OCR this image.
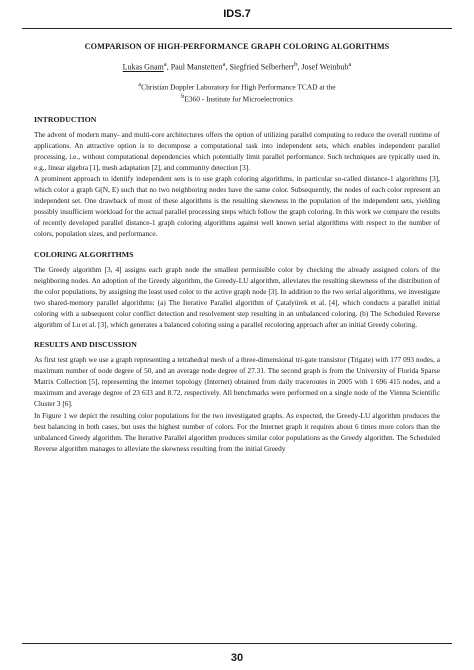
IDS.7
COMPARISON OF HIGH-PERFORMANCE GRAPH COLORING ALGORITHMS
Lukas Gnam$^a$, Paul Manstetten$^a$, Siegfried Selberherr$^b$, Josef Weinbub$^a$
$^a$Christian Doppler Laboratory for High Performance TCAD at the
$^b$E360 - Institute for Microelectronics
INTRODUCTION

The advent of modern many- and multi-core architectures offers the option of utilizing parallel computing to reduce the overall runtime of applications. An attractive option is to decompose a computational task into independent sets, which enables independent parallel processing, i.e., without computational dependencies which potentially limit parallel performance. Such techniques are typically used in, e.g., linear algebra [1], mesh adaptation [2], and community detection [3].

A prominent approach to identify independent sets is to use graph coloring algorithms, in particular so-called distance-1 algorithms [3], which color a graph G(N, E) such that no two neighboring nodes have the same color. Subsequently, the nodes of each color represent an independent set. One drawback of most of these algorithms is the resulting skewness in the population of the independent sets, yielding possibly insufficient workload for the actual parallel processing steps which follow the graph coloring. In this work we compare the results of recently developed parallel distance-1 graph coloring algorithms against well known serial algorithms with respect to the number of colors, population sizes, and performance.

COLORING ALGORITHMS

The Greedy algorithm [3, 4] assigns each graph node the smallest permissible color by checking the already assigned colors of the neighboring nodes. An adoption of the Greedy algorithm, the Greedy-LU algorithm, alleviates the resulting skewness of the distribution of the color populations, by assigning the least used color to the active graph node [3]. In addition to the two serial algorithms, we investigate two shared-memory parallel algorithms: (a) The Iterative Parallel algorithm of Çatalyürek et al. [4], which conducts a parallel initial coloring with a subsequent color conflict detection and resolvement step resulting in an unbalanced coloring. (b) The Scheduled Reverse algorithm of Lu et al. [3], which generates a balanced coloring using a parallel recoloring approach after an initial Greedy coloring.

RESULTS AND DISCUSSION

As first test graph we use a graph representing a tetrahedral mesh of a three-dimensional tri-gate transistor (Trigate) with 177 093 nodes, a maximum number of node degree of 50, and an average node degree of 27.31. The second graph is from the University of Florida Sparse Matrix Collection [5], representing the internet topology (Internet) obtained from daily traceroutes in 2005 with 1 696 415 nodes, and a maximum and average degree of 23 633 and 8.72, respectively. All benchmarks were performed on a single node of the Vienna Scientific Cluster 3 [6].

In Figure 1 we depict the resulting color populations for the two investigated graphs. As expected, the Greedy-LU algorithm produces the best balancing in both cases, but uses the highest number of colors. For the Internet graph it requires about 6 times more colors than the unbalanced Greedy algorithm. The Iterative Parallel algorithm produces similar color populations as the Greedy algorithm. The Scheduled Reverse algorithm manages to alleviate the skewness resulting from the initial Greedy

30
